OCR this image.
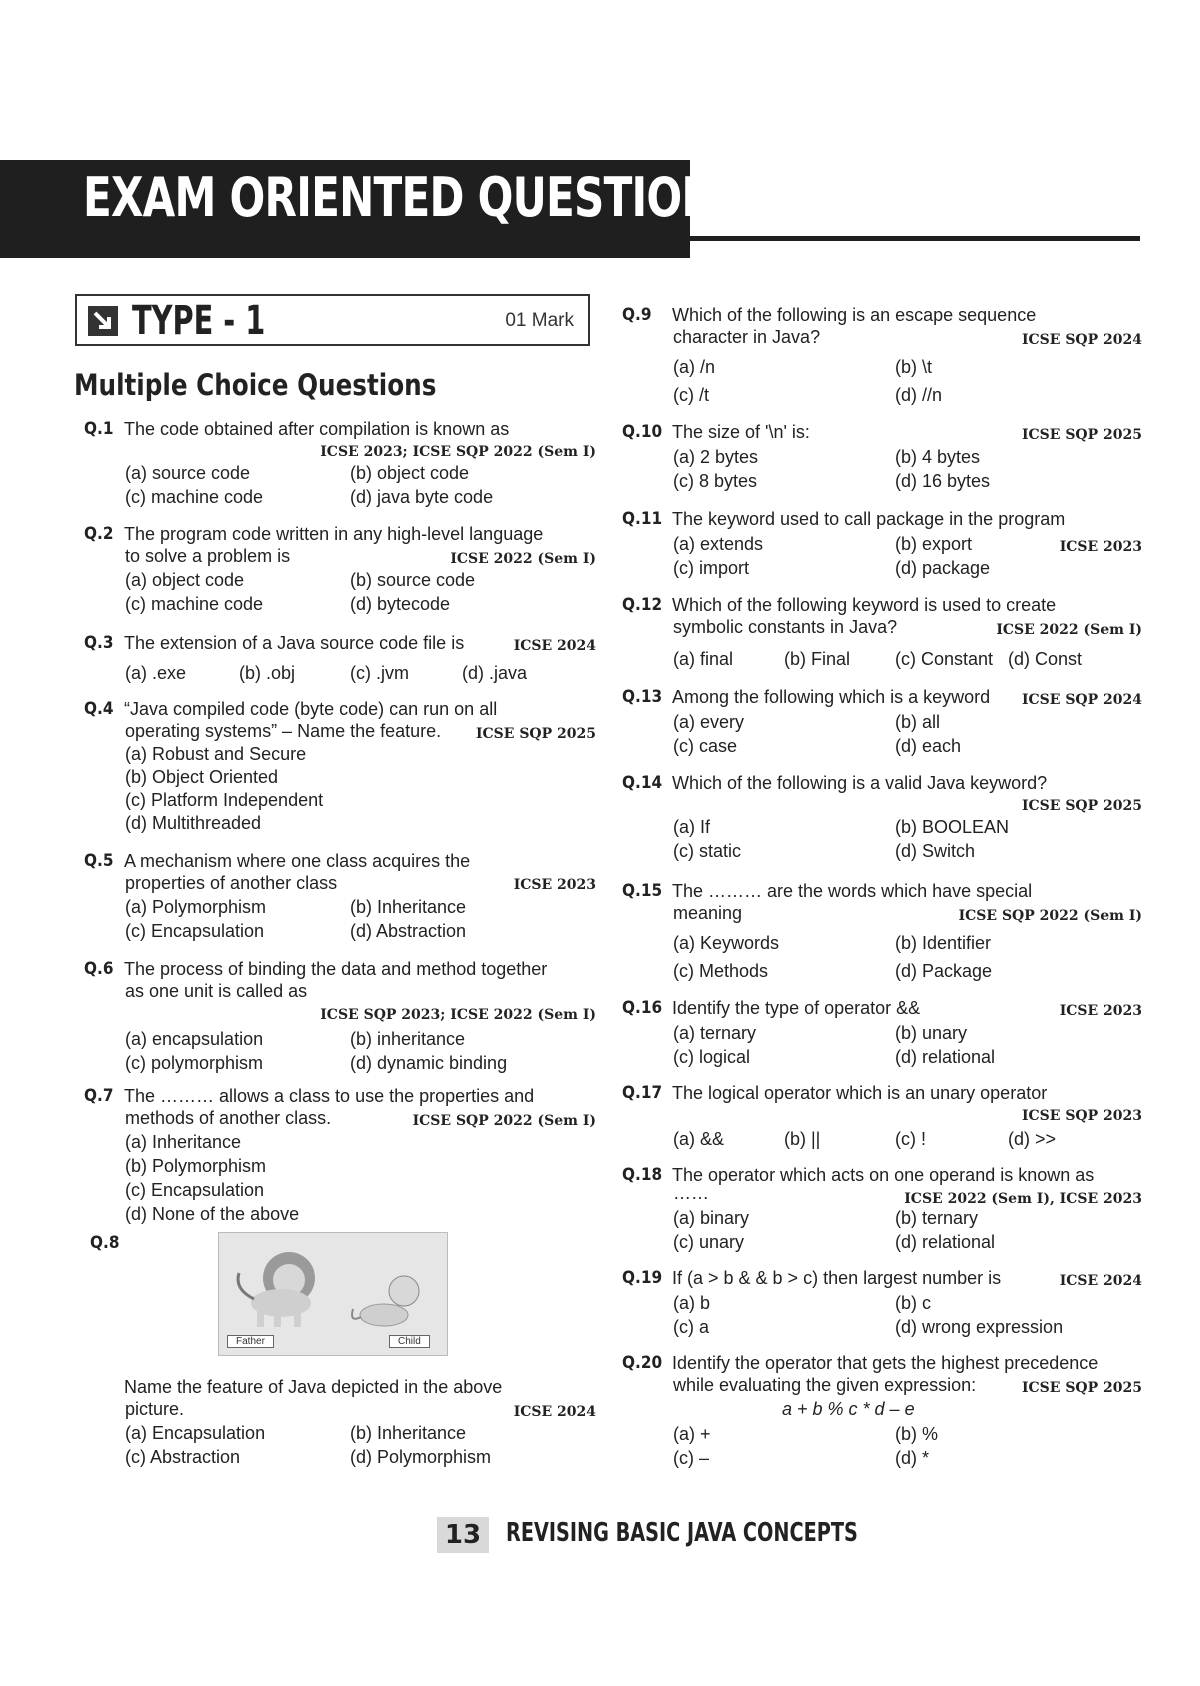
EXAM ORIENTED QUESTIONS
TYPE - 1	01 Mark
Multiple Choice Questions
Q.1 The code obtained after compilation is known as
ICSE 2023; ICSE SQP 2022 (Sem I)
(a) source code	(b) object code
(c) machine code	(d) java byte code
Q.2 The program code written in any high-level language
to solve a problem is	ICSE 2022 (Sem I)
(a) object code	(b) source code
(c) machine code	(d) bytecode
Q.3 The extension of a Java source code file is	ICSE 2024
(a) .exe	(b) .obj	(c) .jvm	(d) .java
Q.4 “Java compiled code (byte code) can run on all
operating systems” – Name the feature. ICSE SQP 2025
(a) Robust and Secure
(b) Object Oriented
(c) Platform Independent
(d) Multithreaded
Q.5 A mechanism where one class acquires the
properties of another class	ICSE 2023
(a) Polymorphism	(b) Inheritance
(c) Encapsulation	(d) Abstraction
Q.6 The process of binding the data and method together
as one unit is called as
ICSE SQP 2023; ICSE 2022 (Sem I)
(a) encapsulation	(b) inheritance
(c) polymorphism	(d) dynamic binding
Q.7 The ……… allows a class to use the properties and
methods of another class.	ICSE SQP 2022 (Sem I)
(a) Inheritance
(b) Polymorphism
(c) Encapsulation
(d) None of the above
Q.8
Father	Child
Name the feature of Java depicted in the above
picture.	ICSE 2024
(a) Encapsulation	(b) Inheritance
(c) Abstraction	(d) Polymorphism
Q.9 Which of the following is an escape sequence
character in Java?	ICSE SQP 2024
(a) /n	(b) \t
(c) /t	(d) //n
Q.10 The size of '\n' is:	ICSE SQP 2025
(a) 2 bytes	(b) 4 bytes
(c) 8 bytes	(d) 16 bytes
Q.11 The keyword used to call package in the program
ICSE 2023
(a) extends	(b) export
(c) import	(d) package
Q.12 Which of the following keyword is used to create
symbolic constants in Java?	ICSE 2022 (Sem I)
(a) final	(b) Final (c) Constant (d) Const
Q.13 Among the following which is a keyword ICSE SQP 2024
(a) every	(b) all
(c) case	(d) each
Q.14 Which of the following is a valid Java keyword?
ICSE SQP 2025
(a) If	(b) BOOLEAN
(c) static	(d) Switch
Q.15 The ……… are the words which have special
meaning	ICSE SQP 2022 (Sem I)
(a) Keywords	(b) Identifier
(c) Methods	(d) Package
Q.16 Identify the type of operator &&	ICSE 2023
(a) ternary	(b) unary
(c) logical	(d) relational
Q.17 The logical operator which is an unary operator
ICSE SQP 2023
(a) &&	(b) ||	(c) !	(d) >>
Q.18 The operator which acts on one operand is known as
……	ICSE 2022 (Sem I), ICSE 2023
(a) binary	(b) ternary
(c) unary	(d) relational
Q.19 If (a > b & & b > c) then largest number is	ICSE 2024
(a) b	(b) c
(c) a	(d) wrong expression
Q.20 Identify the operator that gets the highest precedence
while evaluating the given expression:	ICSE SQP 2025
a + b % c * d – e
(a) +	(b) %
(c) –	(d) *
13 REVISING BASIC JAVA CONCEPTS
